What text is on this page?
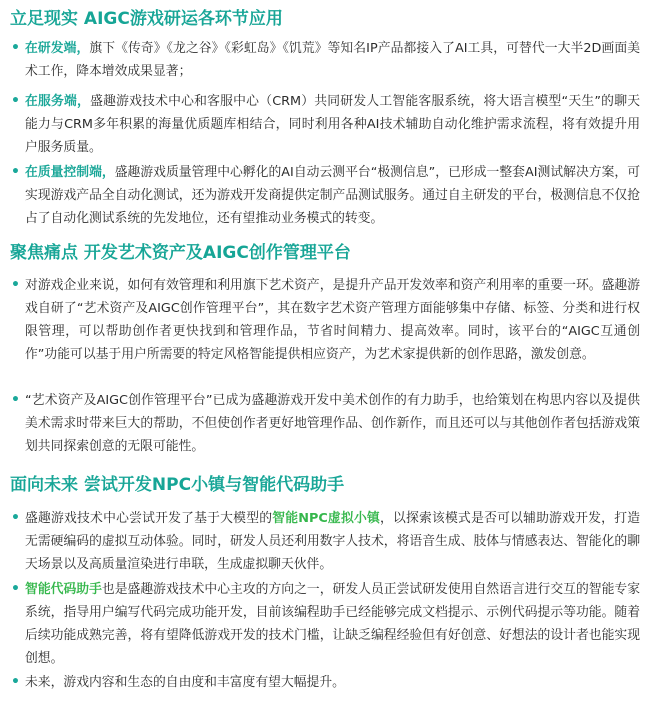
立足现实 AIGC游戏研运各环节应用
• 在研发端，旗下《传奇》《龙之谷》《彩虹岛》《饥荒》等知名IP产品都接入了AI工具，可替代一大半2D画面美术工作，降本增效成果显著；
• 在服务端，盛趣游戏技术中心和客服中心（CRM）共同研发人工智能客服系统，将大语言模型“天生”的聊天能力与CRM多年积累的海量优质题库相结合，同时利用各种AI技术辅助自动化维护需求流程，将有效提升用户服务质量。
• 在质量控制端，盛趣游戏质量管理中心孵化的AI自动云测平台“极测信息”，已形成一整套AI测试解决方案，可实现游戏产品全自动化测试，还为游戏开发商提供定制产品测试服务。通过自主研发的平台，极测信息不仅抢占了自动化测试系统的先发地位，还有望推动业务模式的转变。
聚焦痛点 开发艺术资产及AIGC创作管理平台
• 对游戏企业来说，如何有效管理和利用旗下艺术资产，是提升产品开发效率和资产利用率的重要一环。盛趣游戏自研了“艺术资产及AIGC创作管理平台”，其在数字艺术资产管理方面能够集中存储、标签、分类和进行权限管理，可以帮助创作者更快找到和管理作品，节省时间精力、提高效率。同时，该平台的“AIGC互通创作”功能可以基于用户所需要的特定风格智能提供相应资产，为艺术家提供新的创作思路，激发创意。
• “艺术资产及AIGC创作管理平台”已成为盛趣游戏开发中美术创作的有力助手，也给策划在构思内容以及提供美术需求时带来巨大的帮助，不但使创作者更好地管理作品、创作新作，而且还可以与其他创作者包括游戏策划共同探索创意的无限可能性。
面向未来 尝试开发NPC小镇与智能代码助手
• 盛趣游戏技术中心尝试开发了基于大模型的智能NPC虚拟小镇，以探索该模式是否可以辅助游戏开发，打造无需硬编码的虚拟互动体验。同时，研发人员还利用数字人技术，将语音生成、肢体与情感表达、智能化的聊天场景以及高质量渲染进行串联，生成虚拟聊天伙伴。
• 智能代码助手也是盛趣游戏技术中心主攻的方向之一，研发人员正尝试研发使用自然语言进行交互的智能专家系统，指导用户编写代码完成功能开发，目前该编程助手已经能够完成文档提示、示例代码提示等功能。随着后续功能成熟完善，将有望降低游戏开发的技术门槛，让缺乏编程经验但有好创意、好想法的设计者也能实现创想。
• 未来，游戏内容和生态的自由度和丰富度有望大幅提升。
